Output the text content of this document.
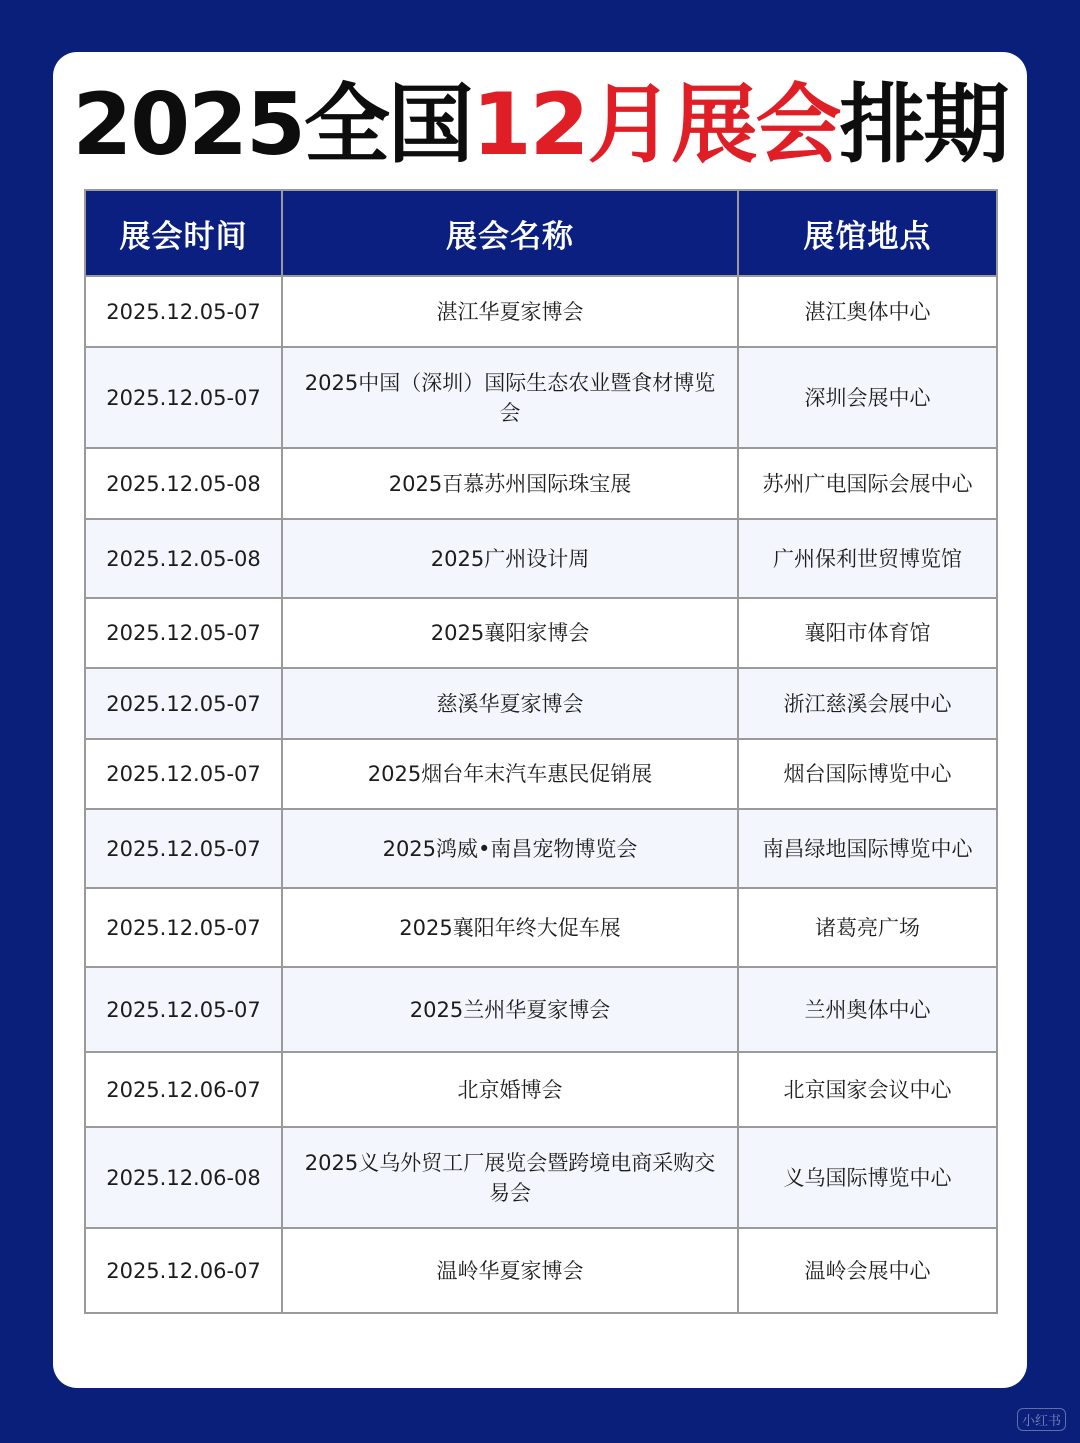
2025全国12月展会排期
展会时间	展会名称	展馆地点
2025.12.05-07	湛江华夏家博会	湛江奥体中心
2025.12.05-07	2025中国（深圳）国际生态农业暨食材博览会	深圳会展中心
2025.12.05-08	2025百慕苏州国际珠宝展	苏州广电国际会展中心
2025.12.05-08	2025广州设计周	广州保利世贸博览馆
2025.12.05-07	2025襄阳家博会	襄阳市体育馆
2025.12.05-07	慈溪华夏家博会	浙江慈溪会展中心
2025.12.05-07	2025烟台年末汽车惠民促销展	烟台国际博览中心
2025.12.05-07	2025鸿威•南昌宠物博览会	南昌绿地国际博览中心
2025.12.05-07	2025襄阳年终大促车展	诸葛亮广场
2025.12.05-07	2025兰州华夏家博会	兰州奥体中心
2025.12.06-07	北京婚博会	北京国家会议中心
2025.12.06-08	2025义乌外贸工厂展览会暨跨境电商采购交易会	义乌国际博览中心
2025.12.06-07	温岭华夏家博会	温岭会展中心
小红书
